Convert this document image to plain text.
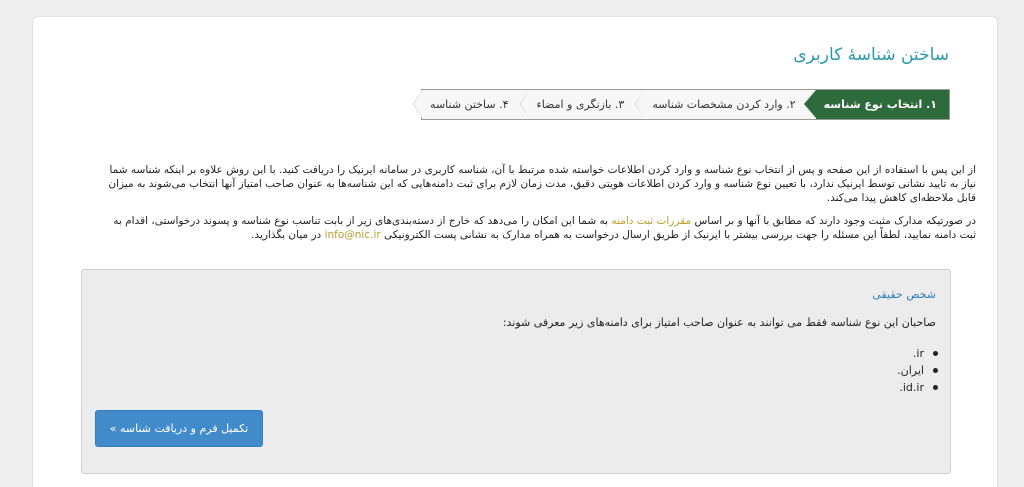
ساختن شناسهٔ کاربری
۱. انتخاب نوع شناسه
۲. وارد کردن مشخصات شناسه
۳. بازنگری و امضاء
۴. ساختن شناسه
از این پس با استفاده از این صفحه و پس از انتخاب نوع شناسه و وارد کردن اطلاعات خواسته شده مرتبط با آن، شناسه کاربری در سامانه ایرنیک را دریافت کنید. با این روش علاوه بر اینکه شناسه شما نیاز به تایید نشانی توسط ایرنیک ندارد، با تعیین نوع شناسه و وارد کردن اطلاعات هویتی دقیق، مدت زمان لازم برای ثبت دامنه‌هایی که این شناسه‌ها به عنوان صاحب امتیاز آنها انتخاب می‌شوند به میزان قابل ملاحظه‌ای کاهش پیدا می‌کند.
در صورتیکه مدارک مثبت وجود دارند که مطابق با آنها و بر اساس مقررات ثبت دامنه به شما این امکان را می‌دهد که خارج از دسته‌بندی‌های زیر از بابت تناسب نوع شناسه و پسوند درخواستی، اقدام به ثبت دامنه نمایید، لطفاً این مسئله را جهت بررسی بیشتر با ایرنیک از طریق ارسال درخواست به همراه مدارک به نشانی پست الکترونیکی info@nic.ir در میان بگذارید.
شخص حقیقی
صاحبان این نوع شناسه فقط می توانند به عنوان صاحب امتیاز برای دامنه‌های زیر معرفی شوند:
.ir
.ایران
.id.ir
تکمیل فرم و دریافت شناسه »
